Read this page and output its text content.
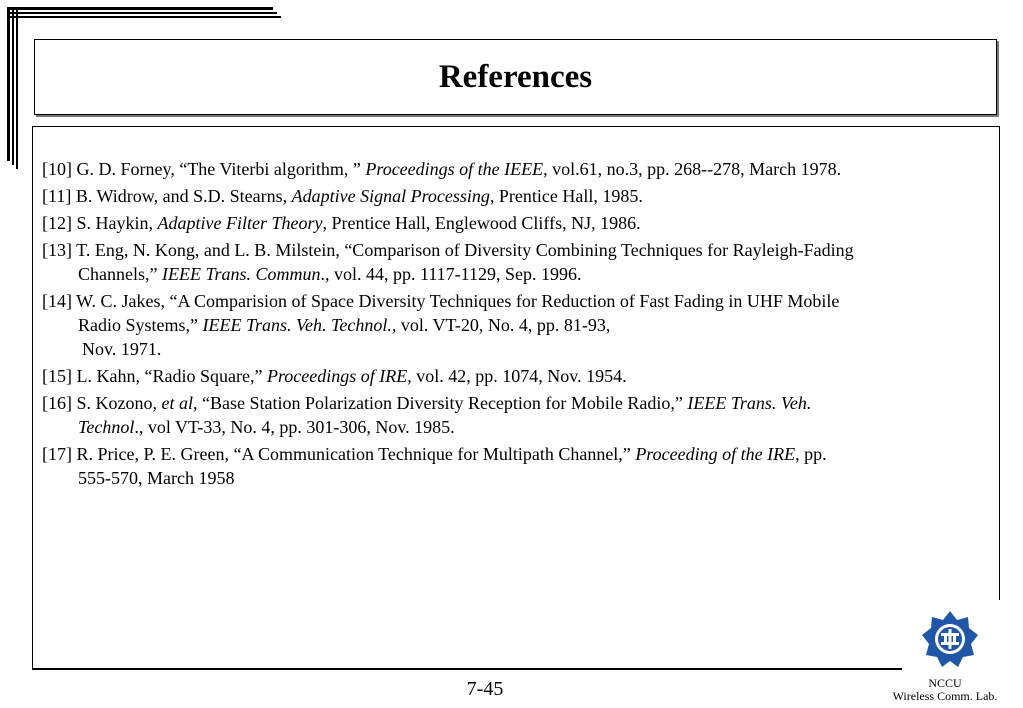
References

[10] G. D. Forney, “The Viterbi algorithm, ” Proceedings of the IEEE, vol.61, no.3, pp. 268--278, March 1978.

[11] B. Widrow, and S.D. Stearns, Adaptive Signal Processing, Prentice Hall, 1985.

[12] S. Haykin, Adaptive Filter Theory, Prentice Hall, Englewood Cliffs, NJ, 1986.

[13] T. Eng, N. Kong, and L. B. Milstein, “Comparison of Diversity Combining Techniques for Rayleigh-Fading
Channels,” IEEE Trans. Commun., vol. 44, pp. 1117-1129, Sep. 1996.

[14] W. C. Jakes, “A Comparision of Space Diversity Techniques for Reduction of Fast Fading in UHF Mobile
Radio Systems,” IEEE Trans. Veh. Technol., vol. VT-20, No. 4, pp. 81-93,
Nov. 1971.

[15] L. Kahn, “Radio Square,” Proceedings of IRE, vol. 42, pp. 1074, Nov. 1954.

[16] S. Kozono, et al, “Base Station Polarization Diversity Reception for Mobile Radio,” IEEE Trans. Veh.
Technol., vol VT-33, No. 4, pp. 301-306, Nov. 1985.

[17] R. Price, P. E. Green, “A Communication Technique for Multipath Channel,” Proceeding of the IRE, pp.
555-570, March 1958

7-45	NCCU
Wireless Comm. Lab.
